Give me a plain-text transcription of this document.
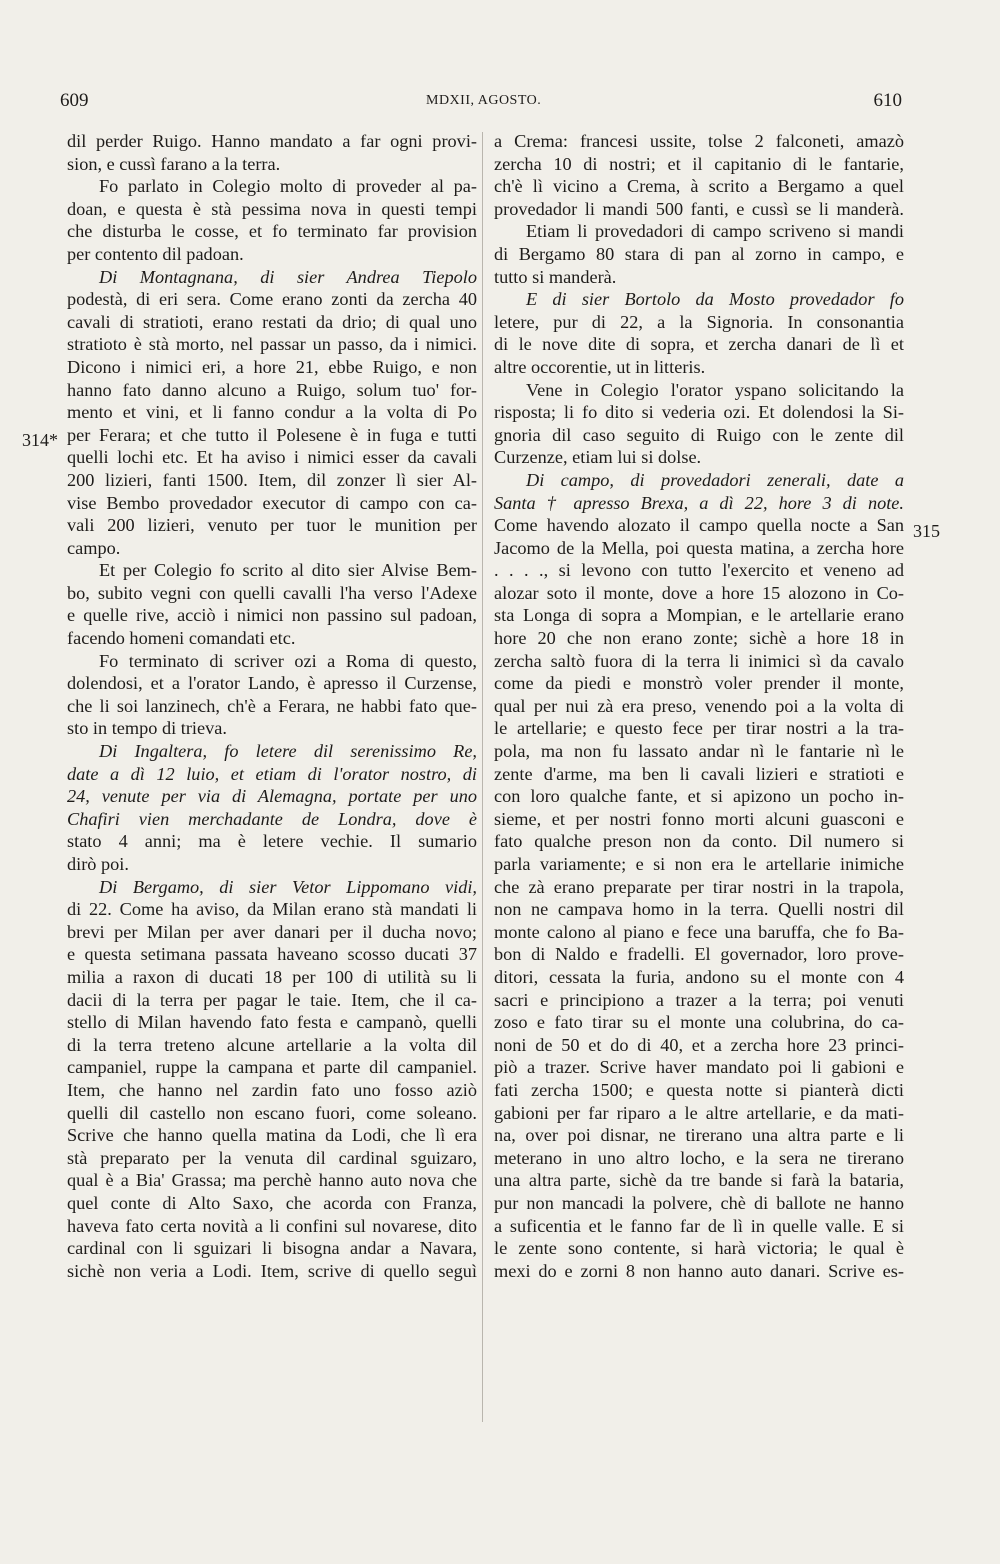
609	MDXII, AGOSTO.	610
314*
315
dil perder Ruigo. Hanno mandato a far ogni provi-
sion, e cussì farano a la terra.
Fo parlato in Colegio molto di proveder al pa-
doan, e questa è stà pessima nova in questi tempi
che disturba le cosse, et fo terminato far provision
per contento dil padoan.
Di Montagnana, di sier Andrea Tiepolo
podestà, di eri sera. Come erano zonti da zercha 40
cavali di stratioti, erano restati da drio; di qual uno
stratioto è stà morto, nel passar un passo, da i nimici.
Dicono i nimici eri, a hore 21, ebbe Ruigo, e non
hanno fato danno alcuno a Ruigo, solum tuo' for-
mento et vini, et li fanno condur a la volta di Po
per Ferara; et che tutto il Polesene è in fuga e tutti
quelli lochi etc. Et ha aviso i nimici esser da cavali
200 lizieri, fanti 1500. Item, dil zonzer lì sier Al-
vise Bembo provedador executor di campo con ca-
vali 200 lizieri, venuto per tuor le munition per
campo.
Et per Colegio fo scrito al dito sier Alvise Bem-
bo, subito vegni con quelli cavalli l'ha verso l'Adexe
e quelle rive, acciò i nimici non passino sul padoan,
facendo homeni comandati etc.
Fo terminato di scriver ozi a Roma di questo,
dolendosi, et a l'orator Lando, è apresso il Curzense,
che li soi lanzinech, ch'è a Ferara, ne habbi fato que-
sto in tempo di trieva.
Di Ingaltera, fo letere dil serenissimo Re,
date a dì 12 luio, et etiam di l'orator nostro, di
24, venute per via di Alemagna, portate per uno
Chafiri vien merchadante de Londra, dove è
stato 4 anni; ma è letere vechie. Il sumario
dirò poi.
Di Bergamo, di sier Vetor Lippomano vidi,
di 22. Come ha aviso, da Milan erano stà mandati li
brevi per Milan per aver danari per il ducha novo;
e questa setimana passata haveano scosso ducati 37
milia a raxon di ducati 18 per 100 di utilità su li
dacii di la terra per pagar le taie. Item, che il ca-
stello di Milan havendo fato festa e campanò, quelli
di la terra treteno alcune artellarie a la volta dil
campaniel, ruppe la campana et parte dil campaniel.
Item, che hanno nel zardin fato uno fosso aziò
quelli dil castello non escano fuori, come soleano.
Scrive che hanno quella matina da Lodi, che lì era
stà preparato per la venuta dil cardinal sguizaro,
qual è a Bia' Grassa; ma perchè hanno auto nova che
quel conte di Alto Saxo, che acorda con Franza,
haveva fato certa novità a li confini sul novarese, dito
cardinal con li sguizari li bisogna andar a Navara,
sichè non veria a Lodi. Item, scrive di quello seguì
a Crema: francesi ussite, tolse 2 falconeti, amazò
zercha 10 di nostri; et il capitanio di le fantarie,
ch'è lì vicino a Crema, à scrito a Bergamo a quel
provedador li mandi 500 fanti, e cussì se li manderà.
Etiam li provedadori di campo scriveno si mandi
di Bergamo 80 stara di pan al zorno in campo, e
tutto si manderà.
E di sier Bortolo da Mosto provedador fo
letere, pur di 22, a la Signoria. In consonantia
di le nove dite di sopra, et zercha danari de lì et
altre occorentie, ut in litteris.
Vene in Colegio l'orator yspano solicitando la
risposta; li fo dito si vederia ozi. Et dolendosi la Si-
gnoria dil caso seguito di Ruigo con le zente dil
Curzenze, etiam lui si dolse.
Di campo, di provedadori zenerali, date a
Santa † apresso Brexa, a dì 22, hore 3 di note.
Come havendo alozato il campo quella nocte a San
Jacomo de la Mella, poi questa matina, a zercha hore
. . . ., si levono con tutto l'exercito et veneno ad
alozar soto il monte, dove a hore 15 alozono in Co-
sta Longa di sopra a Mompian, e le artellarie erano
hore 20 che non erano zonte; sichè a hore 18 in
zercha saltò fuora di la terra li inimici sì da cavalo
come da piedi e monstrò voler prender il monte,
qual per nui zà era preso, venendo poi a la volta di
le artellarie; e questo fece per tirar nostri a la tra-
pola, ma non fu lassato andar nì le fantarie nì le
zente d'arme, ma ben li cavali lizieri e stratioti e
con loro qualche fante, et si apizono un pocho in-
sieme, et per nostri fonno morti alcuni guasconi e
fato qualche preson non da conto. Dil numero si
parla variamente; e si non era le artellarie inimiche
che zà erano preparate per tirar nostri in la trapola,
non ne campava homo in la terra. Quelli nostri dil
monte calono al piano e fece una baruffa, che fo Ba-
bon di Naldo e fradelli. El governador, loro prove-
ditori, cessata la furia, andono su el monte con 4
sacri e principiono a trazer a la terra; poi venuti
zoso e fato tirar su el monte una colubrina, do ca-
noni de 50 et do di 40, et a zercha hore 23 princi-
piò a trazer. Scrive haver mandato poi li gabioni e
fati zercha 1500; e questa notte si pianterà dicti
gabioni per far riparo a le altre artellarie, e da mati-
na, over poi disnar, ne tirerano una altra parte e li
meterano in uno altro locho, e la sera ne tirerano
una altra parte, sichè da tre bande si farà la bataria,
pur non mancadi la polvere, chè di ballote ne hanno
a suficentia et le fanno far de lì in quelle valle. E si
le zente sono contente, si harà victoria; le qual è
mexi do e zorni 8 non hanno auto danari. Scrive es-
